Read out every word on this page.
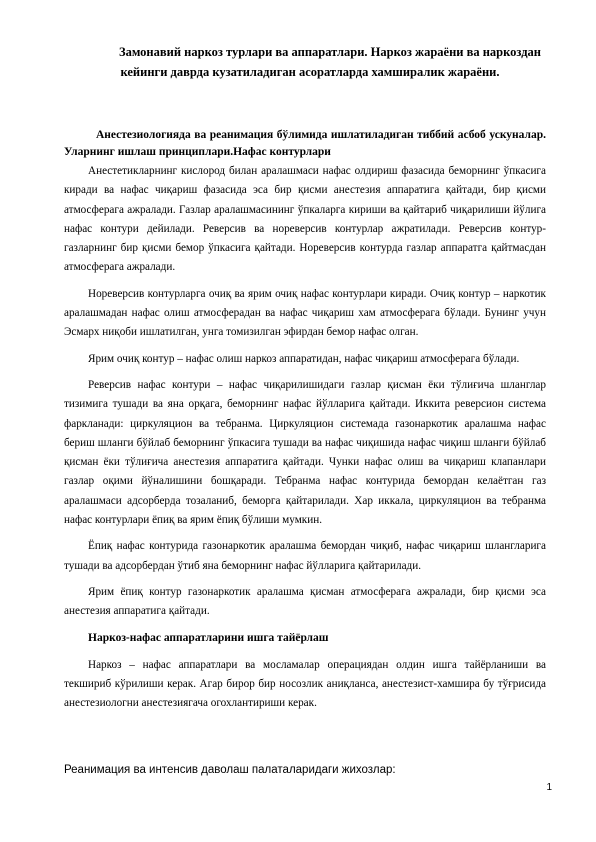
Замонавий наркоз турлари ва аппаратлари. Наркоз жараёни ва наркоздан кейинги даврда кузатиладиган асоратларда хамширалик жараёни.

Анестезиологияда ва реанимация бўлимида ишлатиладиган тиббий асбоб ускуналар. Уларнинг ишлаш принциплари.Нафас контурлари

Анестетикларнинг кислород билан аралашмаси нафас олдириш фазасида беморнинг ўпкасига киради ва нафас чиқариш фазасида эса бир қисми анестезия аппаратига қайтади, бир қисми атмосферага ажралади. Газлар аралашмасининг ўпкаларга кириши ва қайтариб чиқарилиши йўлига нафас контури дейилади. Реверсив ва нореверсив контурлар ажратилади. Реверсив контур-газларнинг бир қисми бемор ўпкасига қайтади. Нореверсив контурда газлар аппаратга қайтмасдан атмосферага ажралади.

Нореверсив контурларга очиқ ва ярим очиқ нафас контурлари киради. Очиқ контур – наркотик аралашмадан нафас олиш атмосферадан ва нафас чиқариш хам атмосферага бўлади. Бунинг учун Эсмарх ниқоби ишлатилган, унга томизилган эфирдан бемор нафас олган.

Ярим очиқ контур – нафас олиш наркоз аппаратидан, нафас чиқариш атмосферага бўлади.

Реверсив нафас контури – нафас чиқарилишидаги газлар қисман ёки тўлиғича шланглар тизимига тушади ва яна орқага, беморнинг нафас йўлларига қайтади. Иккита реверсион система фаркланади: циркуляцион ва тебранма. Циркуляцион системада газонаркотик аралашма нафас бериш шланги бўйлаб беморнинг ўпкасига тушади ва нафас чиқишида нафас чиқиш шланги бўйлаб қисман ёки тўлиғича анестезия аппаратига қайтади. Чунки нафас олиш ва чиқариш клапанлари газлар оқими йўналишини бошқаради. Тебранма нафас контурида бемордан келаётган газ аралашмаси адсорберда тозаланиб, беморга қайтарилади. Хар иккала, циркуляцион ва тебранма нафас контурлари ёпиқ ва ярим ёпиқ бўлиши мумкин.

Ёпиқ нафас контурида газонаркотик аралашма бемордан чиқиб, нафас чиқариш шлангларига тушади ва адсорбердан ўтиб яна беморнинг нафас йўлларига қайтарилади.

Ярим ёпиқ контур газонаркотик аралашма қисман атмосферага ажралади, бир қисми эса анестезия аппаратига қайтади.

Наркоз-нафас аппаратларини ишга тайёрлаш

Наркоз – нафас аппаратлари ва мосламалар операциядан олдин ишга тайёрланиши ва текшириб кўрилиши керак. Агар бирор бир носозлик аниқланса, анестезист-хамшира бу тўғрисида анестезиологни анестезиягача огохлантириши керак.

Реанимация ва интенсив даволаш палаталаридаги жихозлар:

1
